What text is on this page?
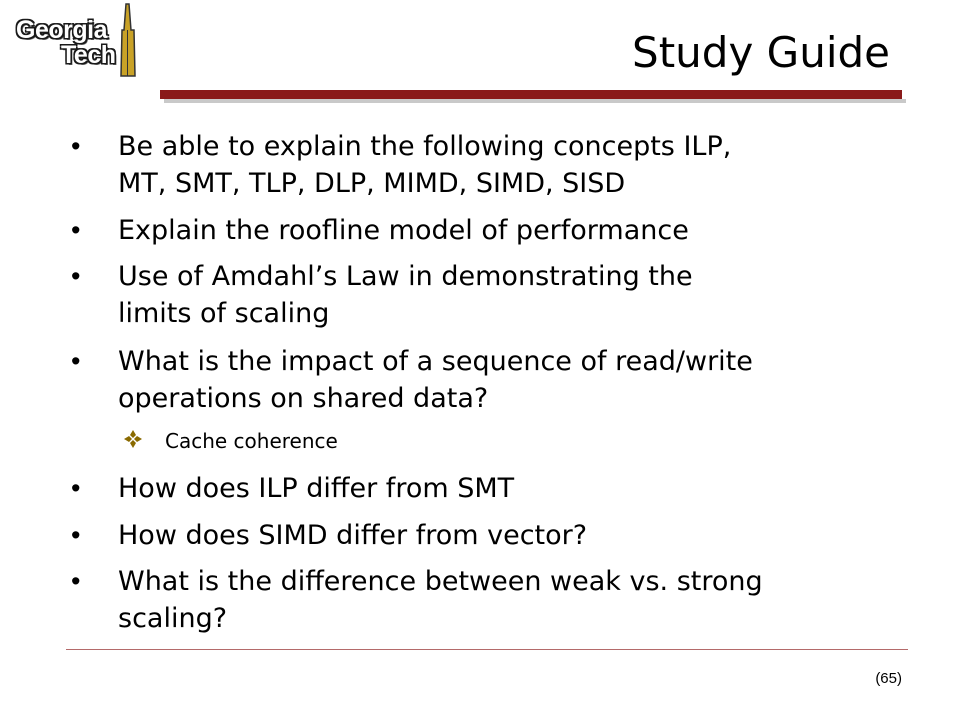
Georgia
Tech	Study Guide
• Be able to explain the following concepts ILP,
MT, SMT, TLP, DLP, MIMD, SIMD, SISD
• Explain the roofline model of performance
• Use of Amdahl’s Law in demonstrating the
limits of scaling
• What is the impact of a sequence of read/write
operations on shared data?
Cache coherence
• How does ILP differ from SMT
• How does SIMD differ from vector?
• What is the difference between weak vs. strong
scaling?
(65)
